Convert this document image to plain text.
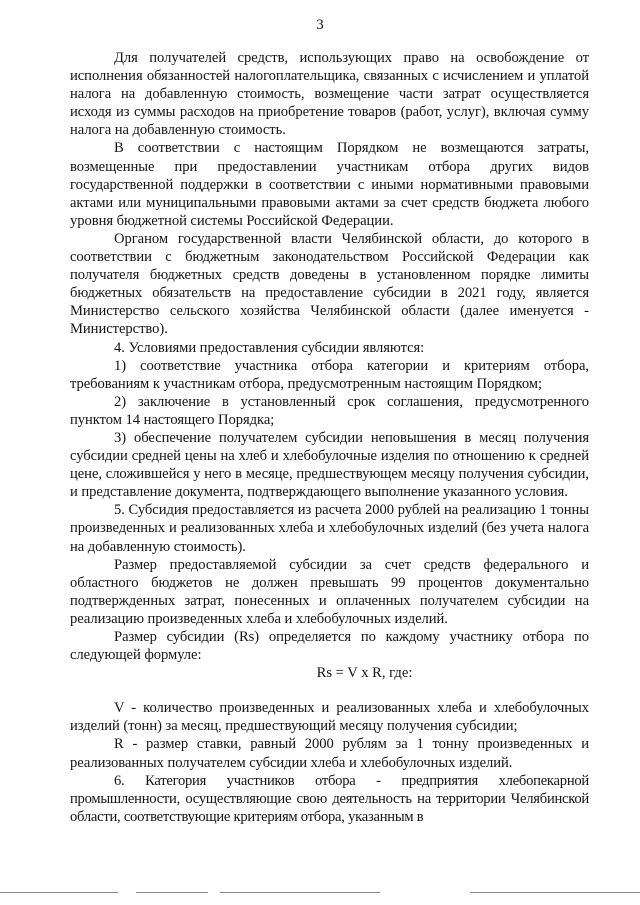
3

Для получателей средств, использующих право на освобождение от исполнения обязанностей налогоплательщика, связанных с исчислением и уплатой налога на добавленную стоимость, возмещение части затрат осуществляется исходя из суммы расходов на приобретение товаров (работ, услуг), включая сумму налога на добавленную стоимость.

В соответствии с настоящим Порядком не возмещаются затраты, возмещенные при предоставлении участникам отбора других видов государственной поддержки в соответствии с иными нормативными правовыми актами или муниципальными правовыми актами за счет средств бюджета любого уровня бюджетной системы Российской Федерации.

Органом государственной власти Челябинской области, до которого в соответствии с бюджетным законодательством Российской Федерации как получателя бюджетных средств доведены в установленном порядке лимиты бюджетных обязательств на предоставление субсидии в 2021 году, является Министерство сельского хозяйства Челябинской области (далее именуется - Министерство).

4. Условиями предоставления субсидии являются:

1) соответствие участника отбора категории и критериям отбора, требованиям к участникам отбора, предусмотренным настоящим Порядком;

2) заключение в установленный срок соглашения, предусмотренного пунктом 14 настоящего Порядка;

3) обеспечение получателем субсидии неповышения в месяц получения субсидии средней цены на хлеб и хлебобулочные изделия по отношению к средней цене, сложившейся у него в месяце, предшествующем месяцу получения субсидии, и представление документа, подтверждающего выполнение указанного условия.

5. Субсидия предоставляется из расчета 2000 рублей на реализацию 1 тонны произведенных и реализованных хлеба и хлебобулочных изделий (без учета налога на добавленную стоимость).

Размер предоставляемой субсидии за счет средств федерального и областного бюджетов не должен превышать 99 процентов документально подтвержденных затрат, понесенных и оплаченных получателем субсидии на реализацию произведенных хлеба и хлебобулочных изделий.

Размер субсидии (Rs) определяется по каждому участнику отбора по следующей формуле:

Rs = V x R, где:

V - количество произведенных и реализованных хлеба и хлебобулочных изделий (тонн) за месяц, предшествующий месяцу получения субсидии;

R - размер ставки, равный 2000 рублям за 1 тонну произведенных и реализованных получателем субсидии хлеба и хлебобулочных изделий.

6. Категория участников отбора - предприятия хлебопекарной промышленности, осуществляющие свою деятельность на территории Челябинской области, соответствующие критериям отбора, указанным в
